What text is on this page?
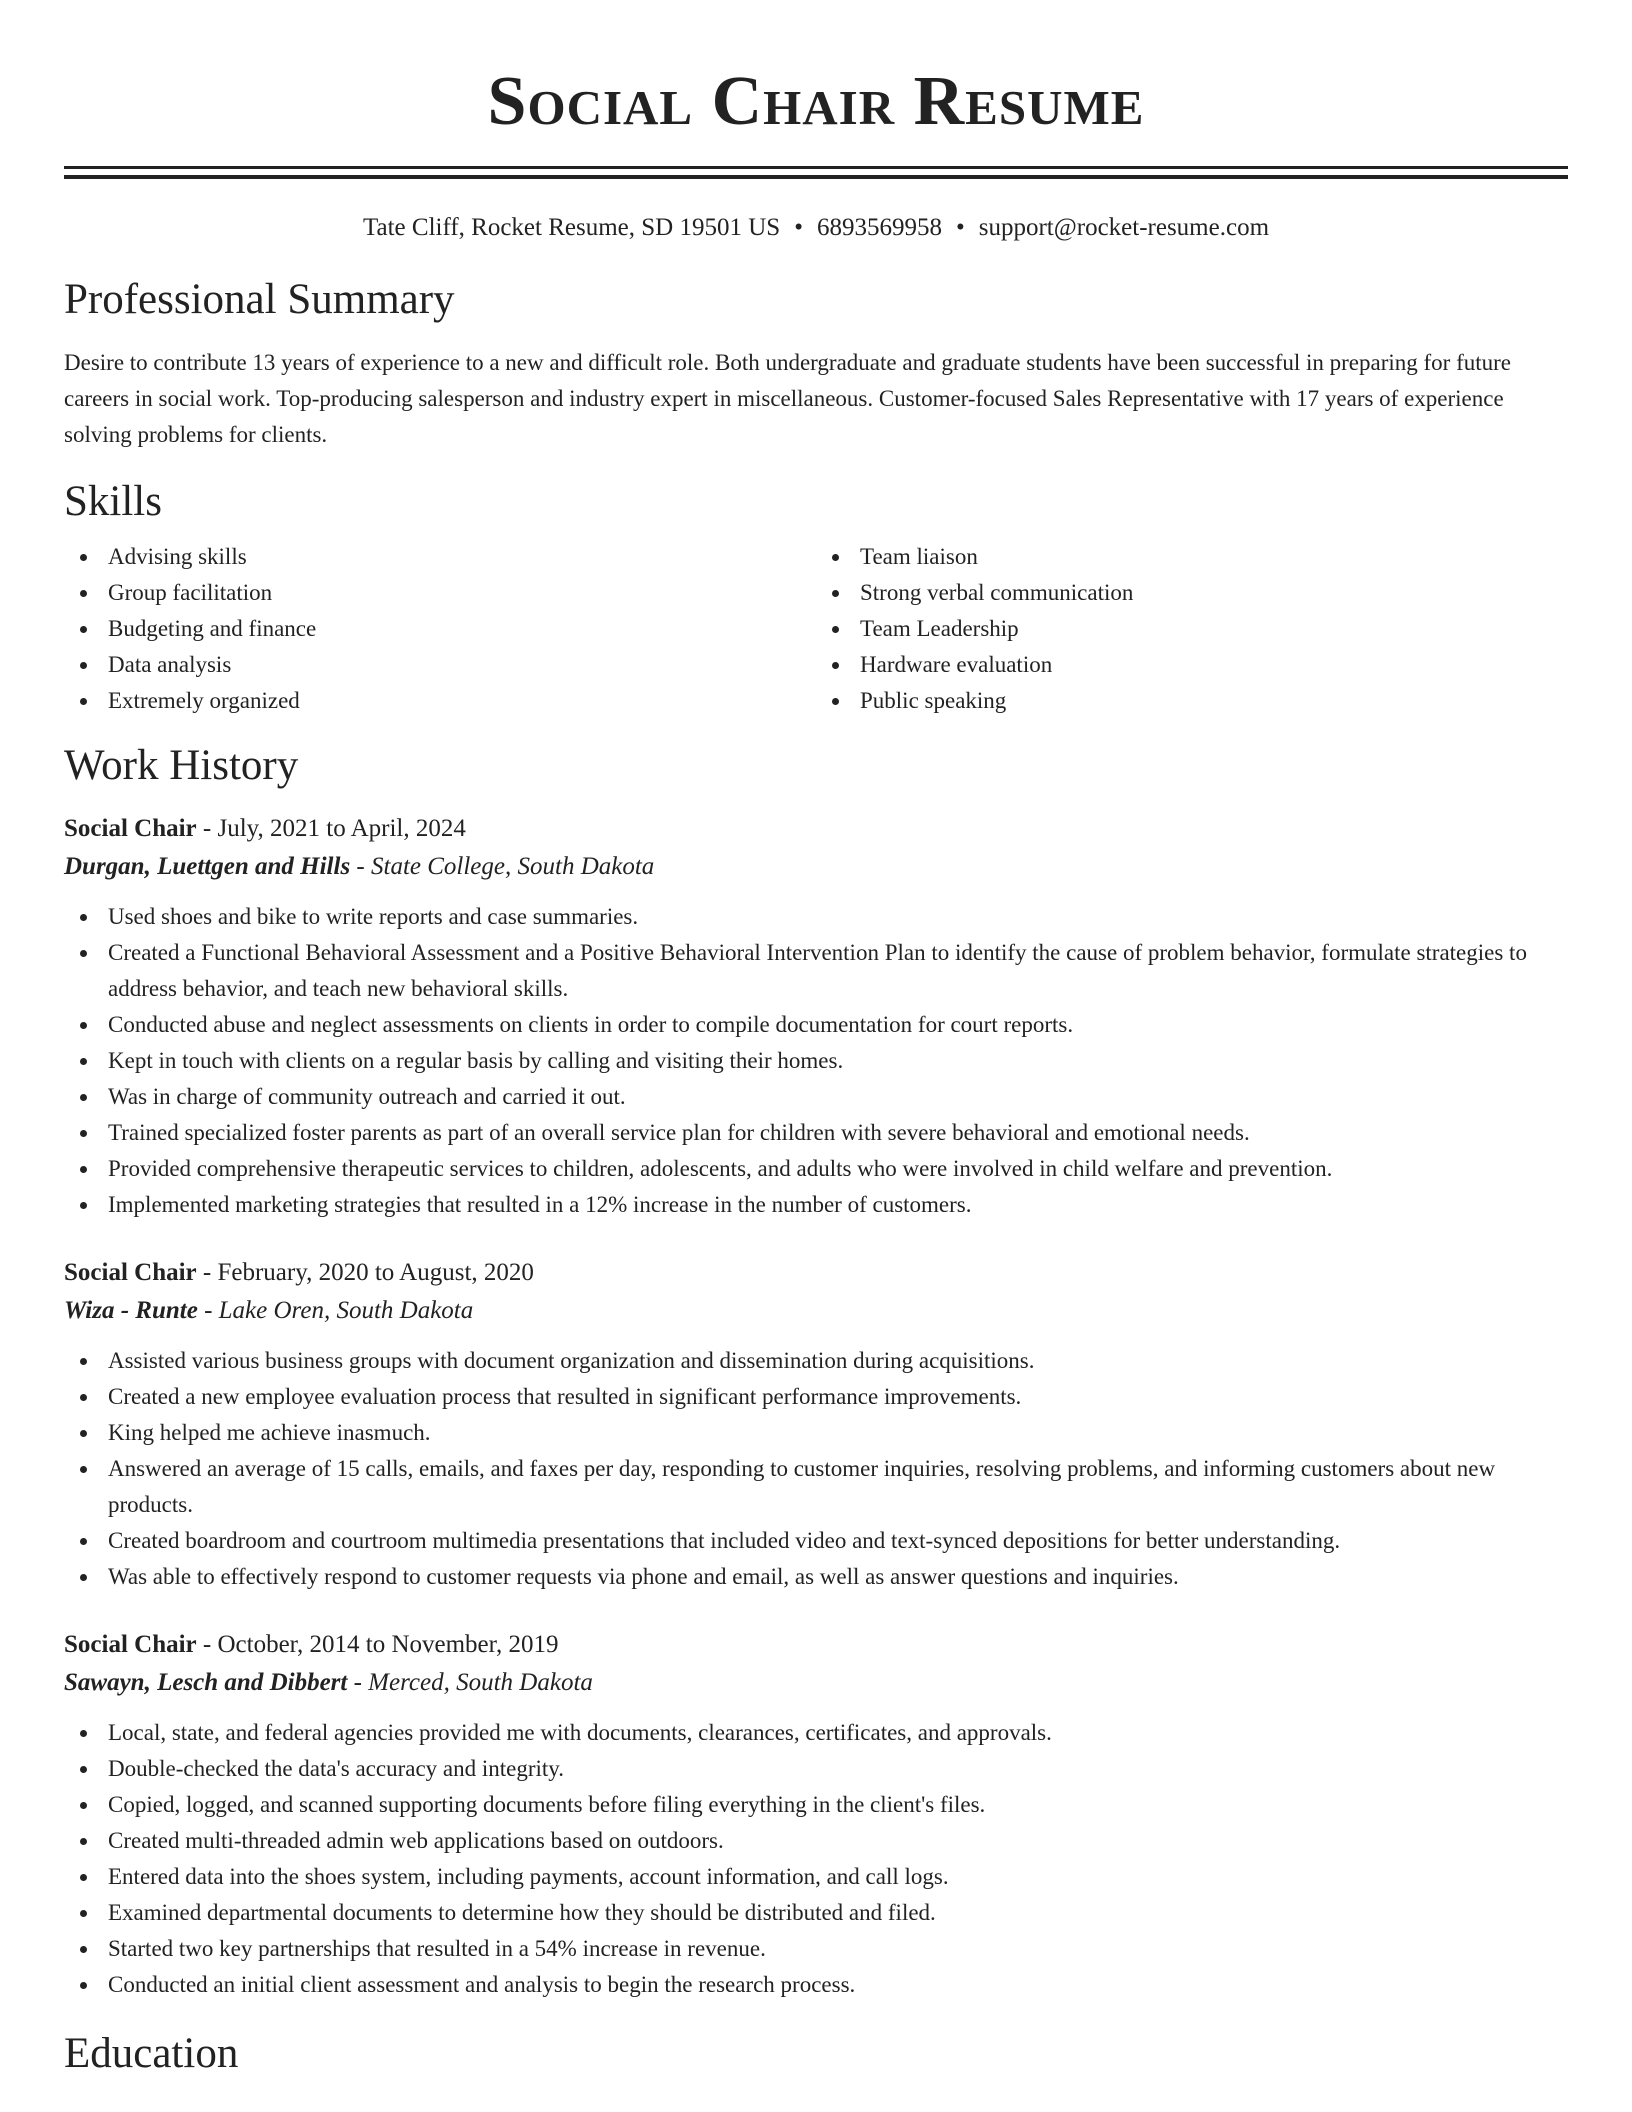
Social Chair Resume
Tate Cliff, Rocket Resume, SD 19501 US • 6893569958 • support@rocket-resume.com
Professional Summary

Desire to contribute 13 years of experience to a new and difficult role. Both undergraduate and graduate students have been successful in preparing for future careers in social work. Top-producing salesperson and industry expert in miscellaneous. Customer-focused Sales Representative with 17 years of experience solving problems for clients.

Skills
Advising skills
Group facilitation
Budgeting and finance
Data analysis
Extremely organized
Team liaison
Strong verbal communication
Team Leadership
Hardware evaluation
Public speaking
Work History
Social Chair - July, 2021 to April, 2024
Durgan, Luettgen and Hills - State College, South Dakota
Used shoes and bike to write reports and case summaries.
Created a Functional Behavioral Assessment and a Positive Behavioral Intervention Plan to identify the cause of problem behavior, formulate strategies to address behavior, and teach new behavioral skills.
Conducted abuse and neglect assessments on clients in order to compile documentation for court reports.
Kept in touch with clients on a regular basis by calling and visiting their homes.
Was in charge of community outreach and carried it out.
Trained specialized foster parents as part of an overall service plan for children with severe behavioral and emotional needs.
Provided comprehensive therapeutic services to children, adolescents, and adults who were involved in child welfare and prevention.
Implemented marketing strategies that resulted in a 12% increase in the number of customers.
Social Chair - February, 2020 to August, 2020
Wiza - Runte - Lake Oren, South Dakota
Assisted various business groups with document organization and dissemination during acquisitions.
Created a new employee evaluation process that resulted in significant performance improvements.
King helped me achieve inasmuch.
Answered an average of 15 calls, emails, and faxes per day, responding to customer inquiries, resolving problems, and informing customers about new products.
Created boardroom and courtroom multimedia presentations that included video and text-synced depositions for better understanding.
Was able to effectively respond to customer requests via phone and email, as well as answer questions and inquiries.
Social Chair - October, 2014 to November, 2019
Sawayn, Lesch and Dibbert - Merced, South Dakota
Local, state, and federal agencies provided me with documents, clearances, certificates, and approvals.
Double-checked the data's accuracy and integrity.
Copied, logged, and scanned supporting documents before filing everything in the client's files.
Created multi-threaded admin web applications based on outdoors.
Entered data into the shoes system, including payments, account information, and call logs.
Examined departmental documents to determine how they should be distributed and filed.
Started two key partnerships that resulted in a 54% increase in revenue.
Conducted an initial client assessment and analysis to begin the research process.
Education
